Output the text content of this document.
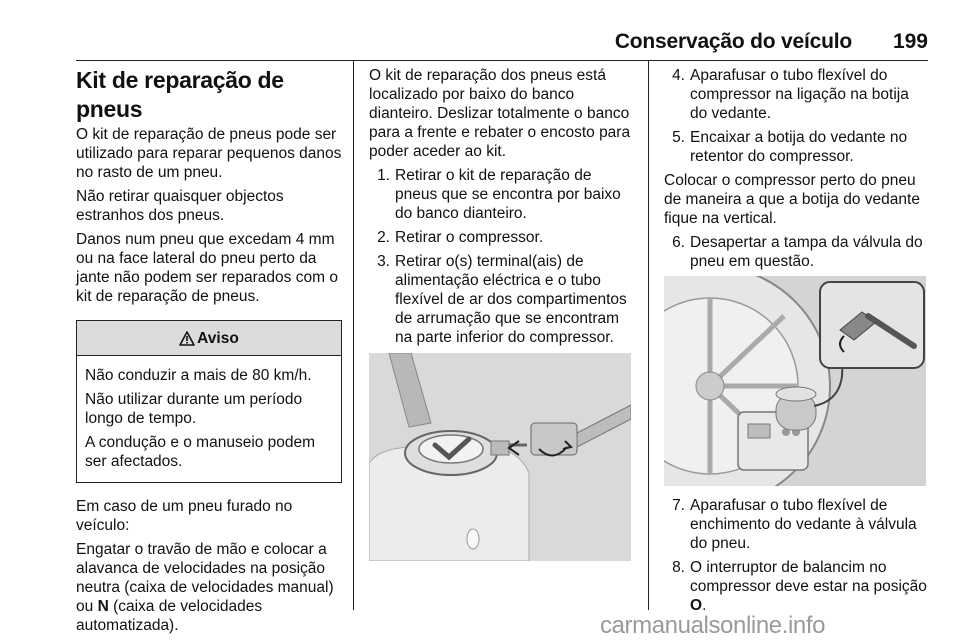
Conservação do veículo	199
Kit de reparação de pneus

O kit de reparação de pneus pode ser utilizado para reparar pequenos danos no rasto de um pneu.

Não retirar quaisquer objectos estranhos dos pneus.

Danos num pneu que excedam 4 mm ou na face lateral do pneu perto da jante não podem ser reparados com o kit de reparação de pneus.

Aviso

Não conduzir a mais de 80 km/h.

Não utilizar durante um período longo de tempo.

A condução e o manuseio podem ser afectados.

Em caso de um pneu furado no veículo:

Engatar o travão de mão e colocar a alavanca de velocidades na posição neutra (caixa de velocidades manual) ou N (caixa de velocidades automatizada).

O kit de reparação dos pneus está localizado por baixo do banco dianteiro. Deslizar totalmente o banco para a frente e rebater o encosto para poder aceder ao kit.

1. Retirar o kit de reparação de pneus que se encontra por baixo do banco dianteiro.
2. Retirar o compressor.
3. Retirar o(s) terminal(ais) de alimentação eléctrica e o tubo flexível de ar dos compartimentos de arrumação que se encontram na parte inferior do compressor.
4. Aparafusar o tubo flexível do compressor na ligação na botija do vedante.
5. Encaixar a botija do vedante no retentor do compressor.

Colocar o compressor perto do pneu de maneira a que a botija do vedante fique na vertical.

6. Desapertar a tampa da válvula do pneu em questão.
7. Aparafusar o tubo flexível de enchimento do vedante à válvula do pneu.
8. O interruptor de balancim no compressor deve estar na posição O.
carmanualsonline.info
